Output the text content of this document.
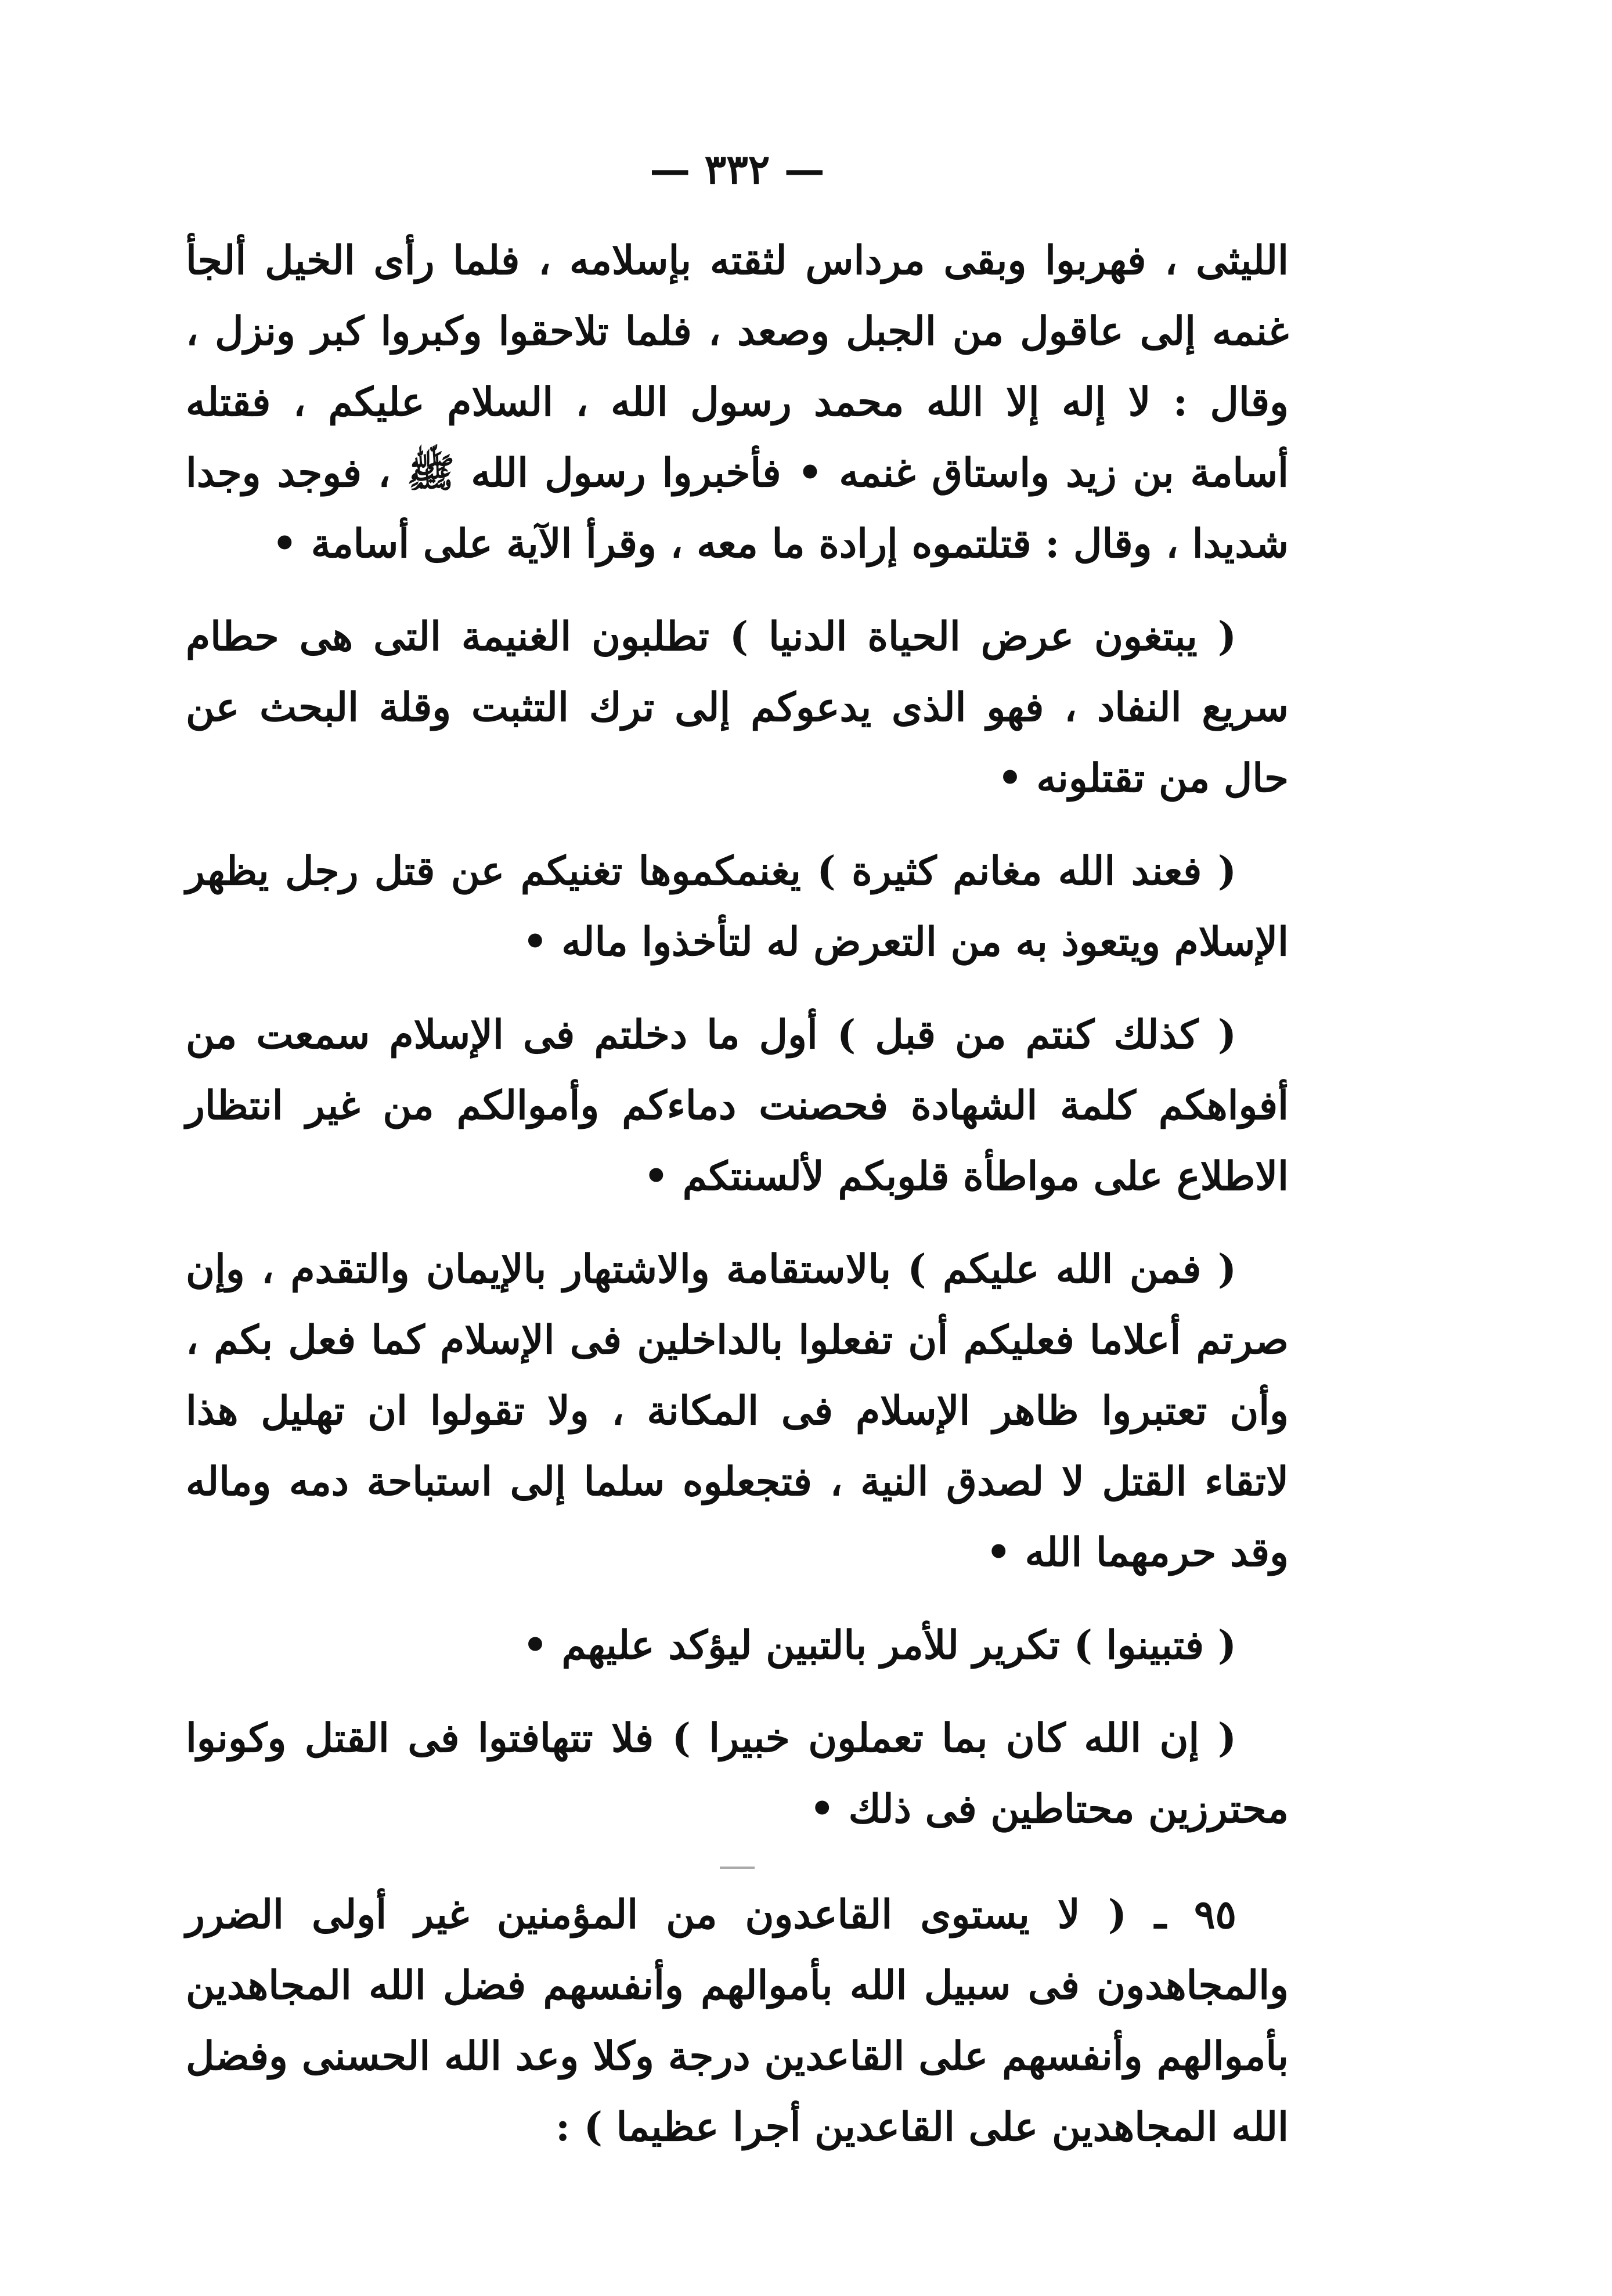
— ٣٣٢ —

الليثى ، فهربوا وبقى مرداس لثقته بإسلامه ، فلما رأى الخيل ألجأ غنمه إلى عاقول من الجبل وصعد ، فلما تلاحقوا وكبروا كبر ونزل ، وقال : لا إله إلا الله محمد رسول الله ، السلام عليكم ، فقتله أسامة بن زيد واستاق غنمه • فأخبروا رسول الله ﷺ ، فوجد وجدا شديدا ، وقال : قتلتموه إرادة ما معه ، وقرأ الآية على أسامة •

( يبتغون عرض الحياة الدنيا ) تطلبون الغنيمة التى هى حطام سريع النفاد ، فهو الذى يدعوكم إلى ترك التثبت وقلة البحث عن حال من تقتلونه •

( فعند الله مغانم كثيرة ) يغنمكموها تغنيكم عن قتل رجل يظهر الإسلام ويتعوذ به من التعرض له لتأخذوا ماله •

( كذلك كنتم من قبل ) أول ما دخلتم فى الإسلام سمعت من أفواهكم كلمة الشهادة فحصنت دماءكم وأموالكم من غير انتظار الاطلاع على مواطأة قلوبكم لألسنتكم •

( فمن الله عليكم ) بالاستقامة والاشتهار بالإيمان والتقدم ، وإن صرتم أعلاما فعليكم أن تفعلوا بالداخلين فى الإسلام كما فعل بكم ، وأن تعتبروا ظاهر الإسلام فى المكانة ، ولا تقولوا ان تهليل هذا لاتقاء القتل لا لصدق النية ، فتجعلوه سلما إلى استباحة دمه وماله وقد حرمهما الله •

( فتبينوا ) تكرير للأمر بالتبين ليؤكد عليهم •

( إن الله كان بما تعملون خبيرا ) فلا تتهافتوا فى القتل وكونوا محترزين محتاطين فى ذلك •

٩٥ ـ ( لا يستوى القاعدون من المؤمنين غير أولى الضرر والمجاهدون فى سبيل الله بأموالهم وأنفسهم فضل الله المجاهدين بأموالهم وأنفسهم على القاعدين درجة وكلا وعد الله الحسنى وفضل الله المجاهدين على القاعدين أجرا عظيما ) :
